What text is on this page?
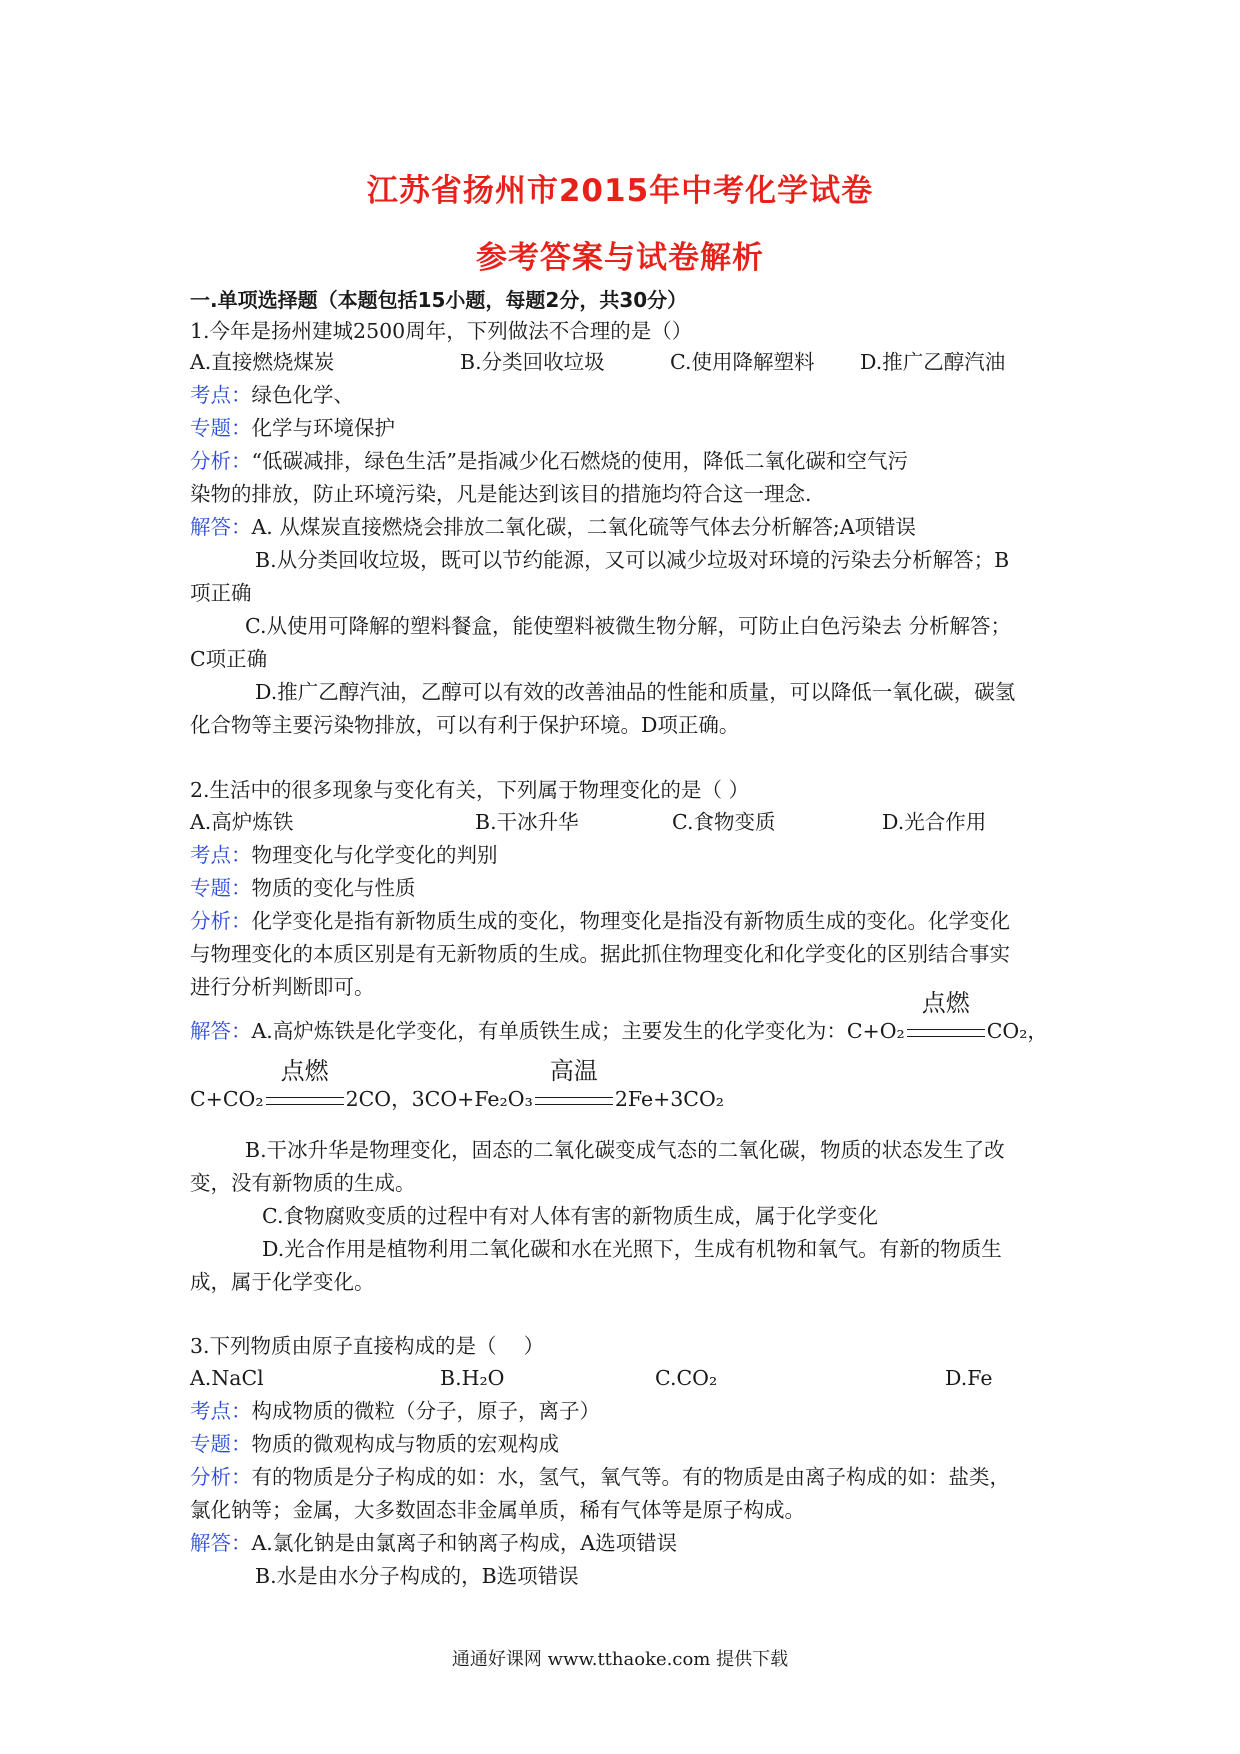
江苏省扬州市2015年中考化学试卷
参考答案与试卷解析
一.单项选择题（本题包括15小题，每题2分，共30分）
1.今年是扬州建城2500周年，下列做法不合理的是（）
A.直接燃烧煤炭	B.分类回收垃圾	C.使用降解塑料 D.推广乙醇汽油
考点：绿色化学、
专题：化学与环境保护
分析：“低碳减排，绿色生活”是指减少化石燃烧的使用，降低二氧化碳和空气污
染物的排放，防止环境污染，凡是能达到该目的措施均符合这一理念.
解答：A. 从煤炭直接燃烧会排放二氧化碳，二氧化硫等气体去分析解答;A项错误
B.从分类回收垃圾，既可以节约能源，又可以减少垃圾对环境的污染去分析解答；B
项正确
C.从使用可降解的塑料餐盒，能使塑料被微生物分解，可防止白色污染去 分析解答；
C项正确
D.推广乙醇汽油，乙醇可以有效的改善油品的性能和质量，可以降低一氧化碳，碳氢
化合物等主要污染物排放，可以有利于保护环境。D项正确。
2.生活中的很多现象与变化有关，下列属于物理变化的是（ ）
A.高炉炼铁	B.干冰升华	C.食物变质	D.光合作用
考点：物理变化与化学变化的判别
专题：物质的变化与性质
分析：化学变化是指有新物质生成的变化，物理变化是指没有新物质生成的变化。化学变化
与物理变化的本质区别是有无新物质的生成。据此抓住物理变化和化学变化的区别结合事实
进行分析判断即可。
解答：A.高炉炼铁是化学变化，有单质铁生成；主要发生的化学变化为：C+O₂
点燃
CO₂，
C+CO₂
点燃
2CO，3CO+Fe₂O₃
高温
2Fe+3CO₂
B.干冰升华是物理变化，固态的二氧化碳变成气态的二氧化碳，物质的状态发生了改
变，没有新物质的生成。
C.食物腐败变质的过程中有对人体有害的新物质生成，属于化学变化
D.光合作用是植物利用二氧化碳和水在光照下，生成有机物和氧气。有新的物质生
成，属于化学变化。
3.下列物质由原子直接构成的是（　 ）
A.NaCl	B.H₂O	C.CO₂	D.Fe
考点：构成物质的微粒（分子，原子，离子）
专题：物质的微观构成与物质的宏观构成
分析：有的物质是分子构成的如：水，氢气，氧气等。有的物质是由离子构成的如：盐类，
氯化钠等；金属，大多数固态非金属单质，稀有气体等是原子构成。
解答：A.氯化钠是由氯离子和钠离子构成，A选项错误
B.水是由水分子构成的，B选项错误
通通好课网 www.tthaoke.com 提供下载
